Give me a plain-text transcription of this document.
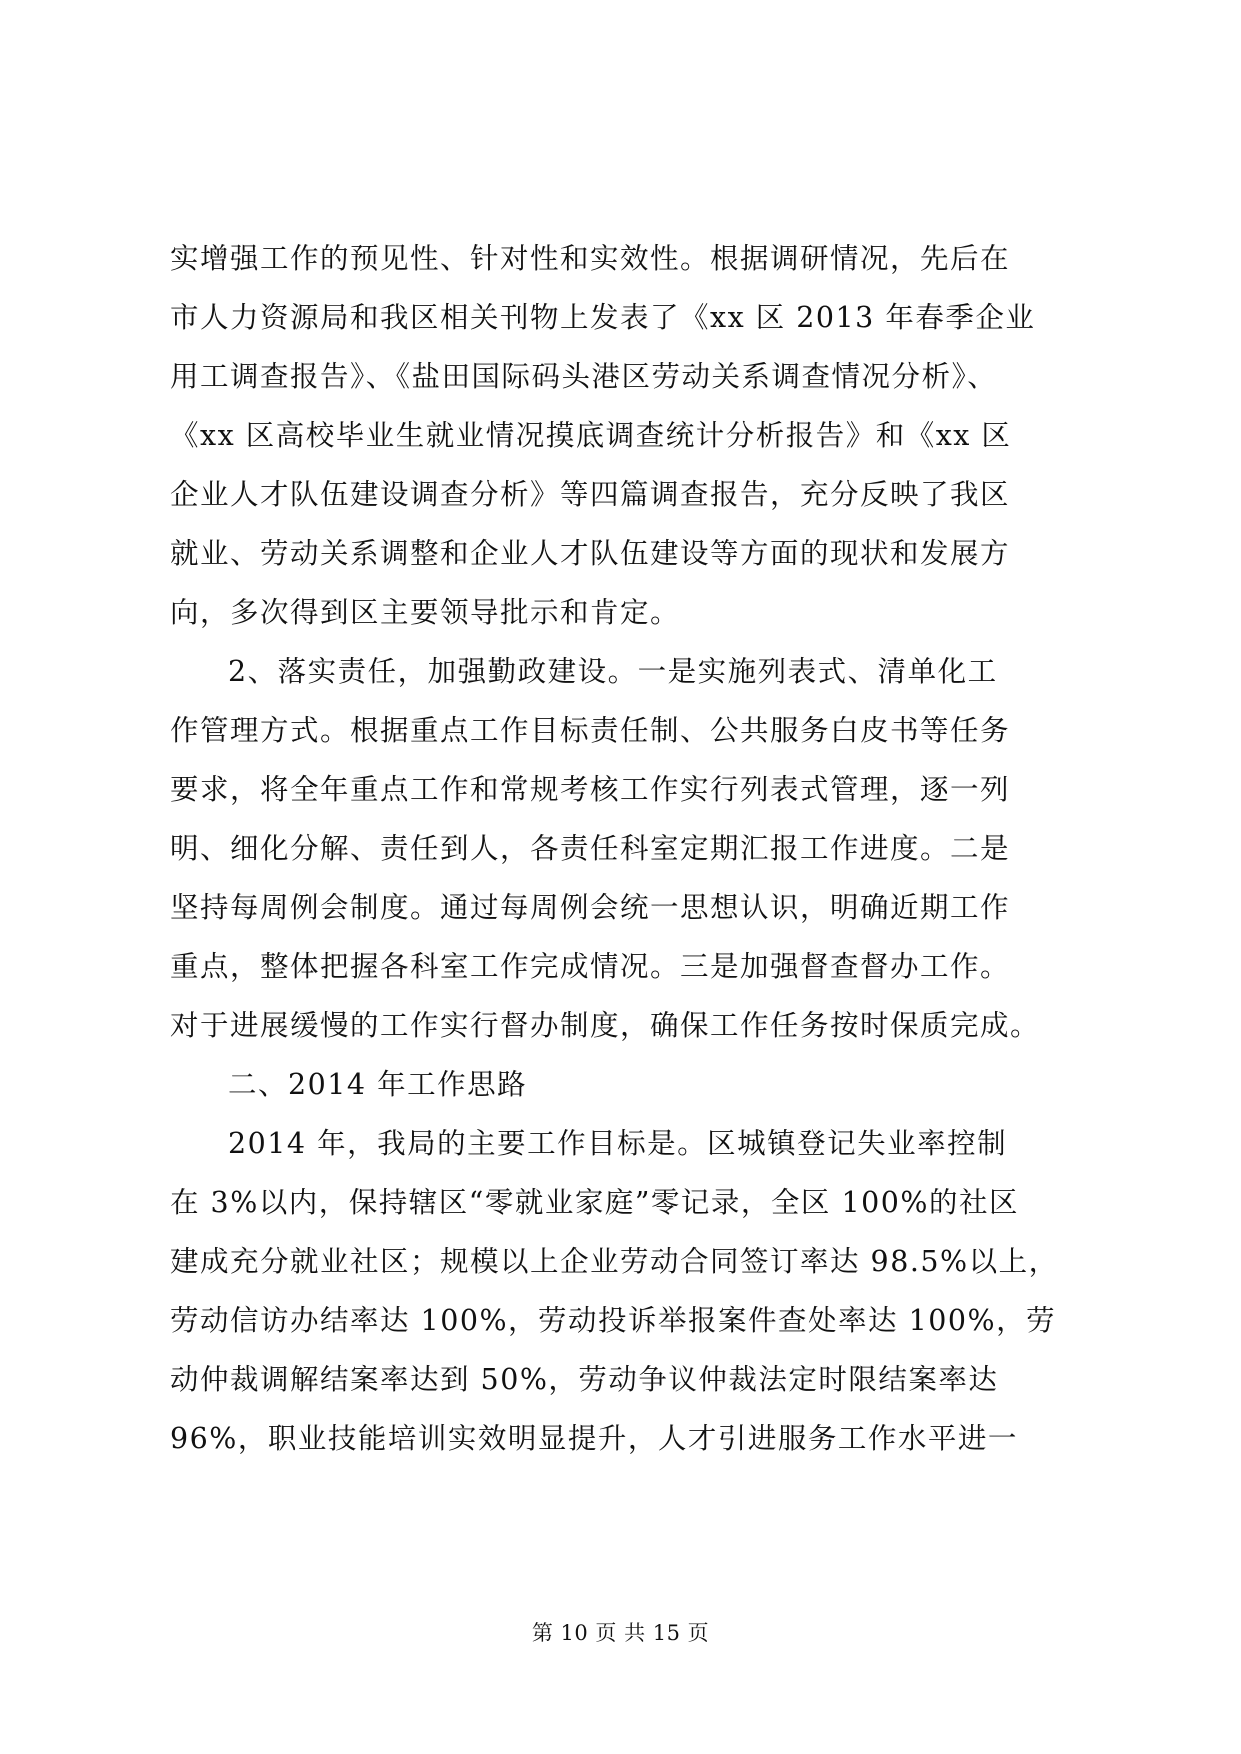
实增强工作的预见性、针对性和实效性。根据调研情况，先后在
市人力资源局和我区相关刊物上发表了《xx 区 2013 年春季企业
用工调查报告》、《盐田国际码头港区劳动关系调查情况分析》、
《xx 区高校毕业生就业情况摸底调查统计分析报告》和《xx 区
企业人才队伍建设调查分析》等四篇调查报告，充分反映了我区
就业、劳动关系调整和企业人才队伍建设等方面的现状和发展方
向，多次得到区主要领导批示和肯定。
2、落实责任，加强勤政建设。一是实施列表式、清单化工
作管理方式。根据重点工作目标责任制、公共服务白皮书等任务
要求，将全年重点工作和常规考核工作实行列表式管理，逐一列
明、细化分解、责任到人，各责任科室定期汇报工作进度。二是
坚持每周例会制度。通过每周例会统一思想认识，明确近期工作
重点，整体把握各科室工作完成情况。三是加强督查督办工作。
对于进展缓慢的工作实行督办制度，确保工作任务按时保质完成。
二、2014 年工作思路
2014 年，我局的主要工作目标是。区城镇登记失业率控制
在 3%以内，保持辖区“零就业家庭”零记录，全区 100%的社区
建成充分就业社区；规模以上企业劳动合同签订率达 98.5%以上，
劳动信访办结率达 100%，劳动投诉举报案件查处率达 100%，劳
动仲裁调解结案率达到 50%，劳动争议仲裁法定时限结案率达
96%，职业技能培训实效明显提升，人才引进服务工作水平进一
第 10 页 共 15 页
